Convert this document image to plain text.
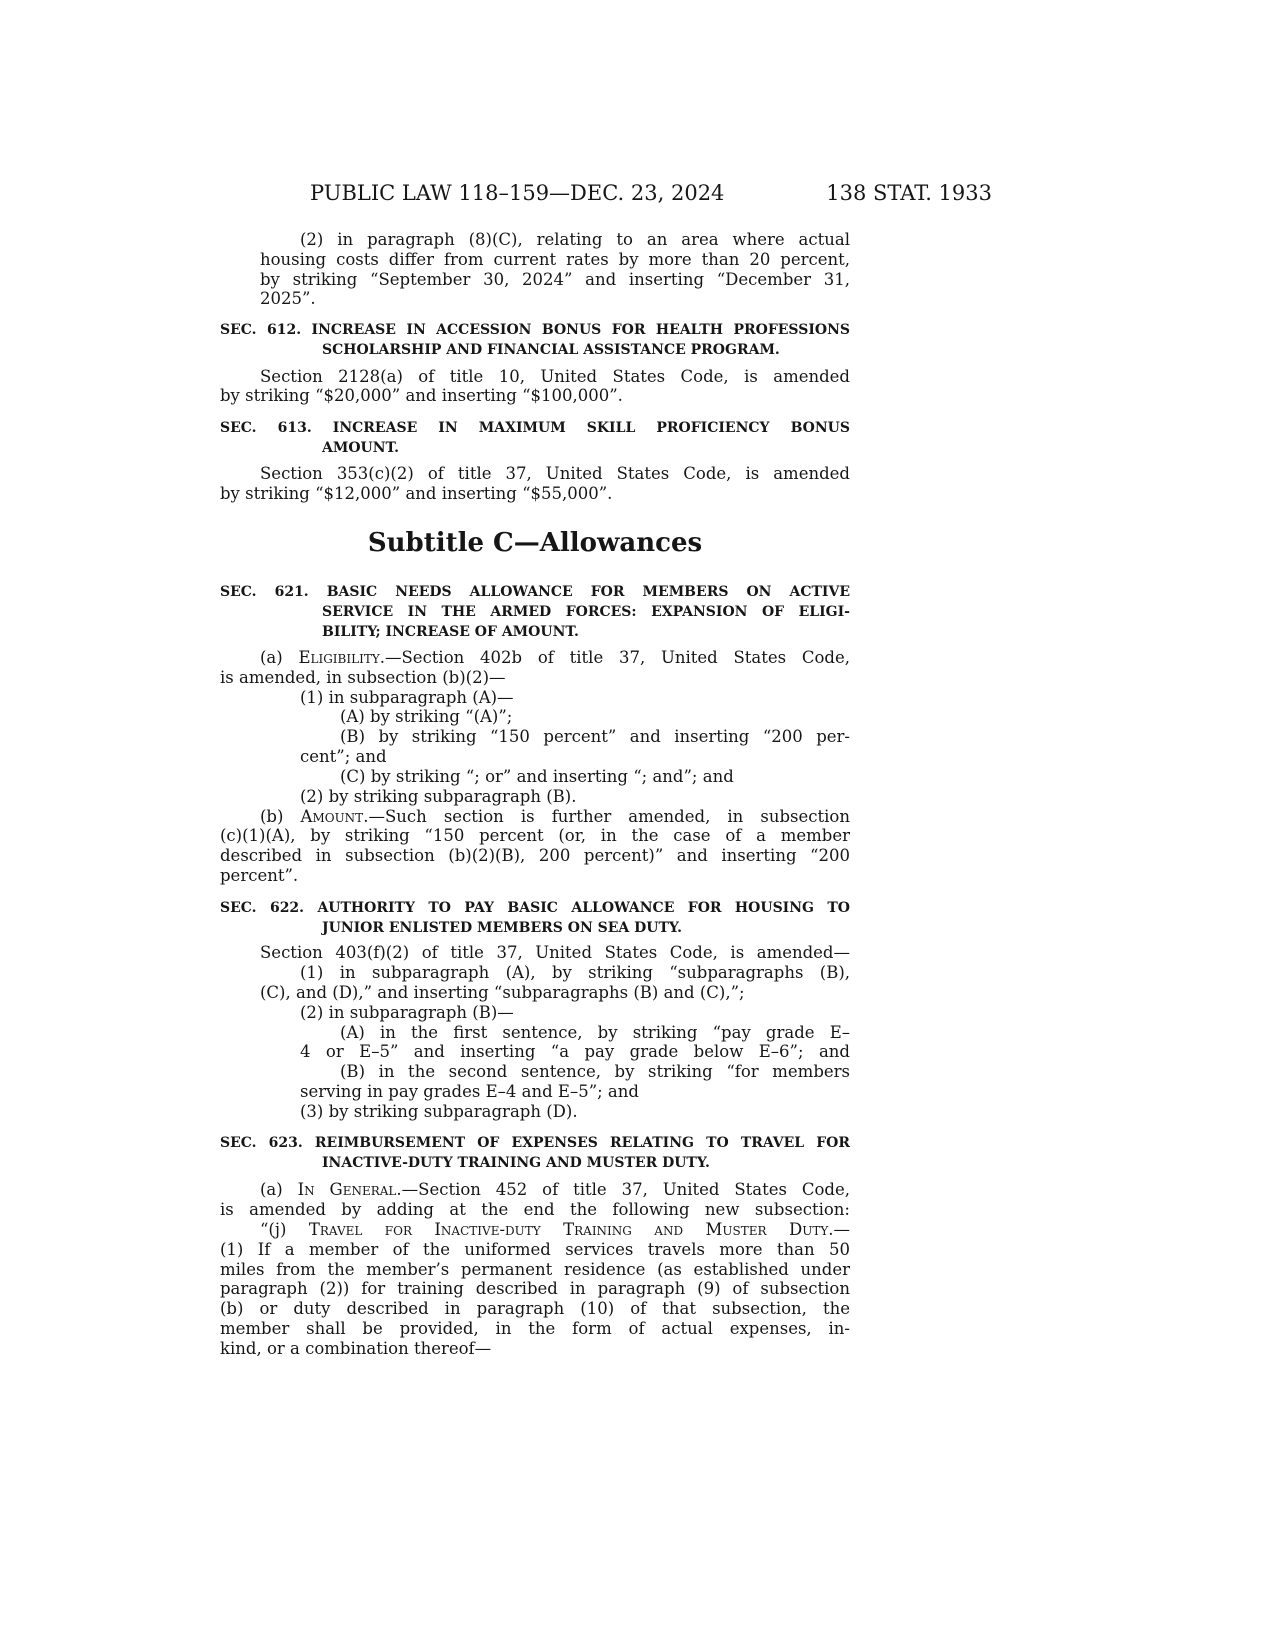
PUBLIC LAW 118–159—DEC. 23, 2024	138 STAT. 1933
(2) in paragraph (8)(C), relating to an area where actual
housing costs differ from current rates by more than 20 percent,
by striking “September 30, 2024” and inserting “December 31,
2025”.
SEC. 612. INCREASE IN ACCESSION BONUS FOR HEALTH PROFESSIONS
SCHOLARSHIP AND FINANCIAL ASSISTANCE PROGRAM.
Section 2128(a) of title 10, United States Code, is amended
by striking “$20,000” and inserting “$100,000”.
SEC. 613. INCREASE IN MAXIMUM SKILL PROFICIENCY BONUS
AMOUNT.
Section 353(c)(2) of title 37, United States Code, is amended
by striking “$12,000” and inserting “$55,000”.
Subtitle C—Allowances
SEC. 621. BASIC NEEDS ALLOWANCE FOR MEMBERS ON ACTIVE
SERVICE IN THE ARMED FORCES: EXPANSION OF ELIGI-
BILITY; INCREASE OF AMOUNT.
(a) Eligibility.—Section 402b of title 37, United States Code,
is amended, in subsection (b)(2)—
(1) in subparagraph (A)—
(A) by striking “(A)”;
(B) by striking “150 percent” and inserting “200 per-
cent”; and
(C) by striking “; or” and inserting “; and”; and
(2) by striking subparagraph (B).
(b) Amount.—Such section is further amended, in subsection
(c)(1)(A), by striking “150 percent (or, in the case of a member
described in subsection (b)(2)(B), 200 percent)” and inserting “200
percent”.
SEC. 622. AUTHORITY TO PAY BASIC ALLOWANCE FOR HOUSING TO
JUNIOR ENLISTED MEMBERS ON SEA DUTY.
Section 403(f)(2) of title 37, United States Code, is amended—
(1) in subparagraph (A), by striking “subparagraphs (B),
(C), and (D),” and inserting “subparagraphs (B) and (C),”;
(2) in subparagraph (B)—
(A) in the first sentence, by striking “pay grade E–
4 or E–5” and inserting “a pay grade below E–6”; and
(B) in the second sentence, by striking “for members
serving in pay grades E–4 and E–5”; and
(3) by striking subparagraph (D).
SEC. 623. REIMBURSEMENT OF EXPENSES RELATING TO TRAVEL FOR
INACTIVE-DUTY TRAINING AND MUSTER DUTY.
(a) In General.—Section 452 of title 37, United States Code,
is amended by adding at the end the following new subsection:
“(j) Travel for Inactive-duty Training and Muster Duty.—
(1) If a member of the uniformed services travels more than 50
miles from the member’s permanent residence (as established under
paragraph (2)) for training described in paragraph (9) of subsection
(b) or duty described in paragraph (10) of that subsection, the
member shall be provided, in the form of actual expenses, in-
kind, or a combination thereof—
